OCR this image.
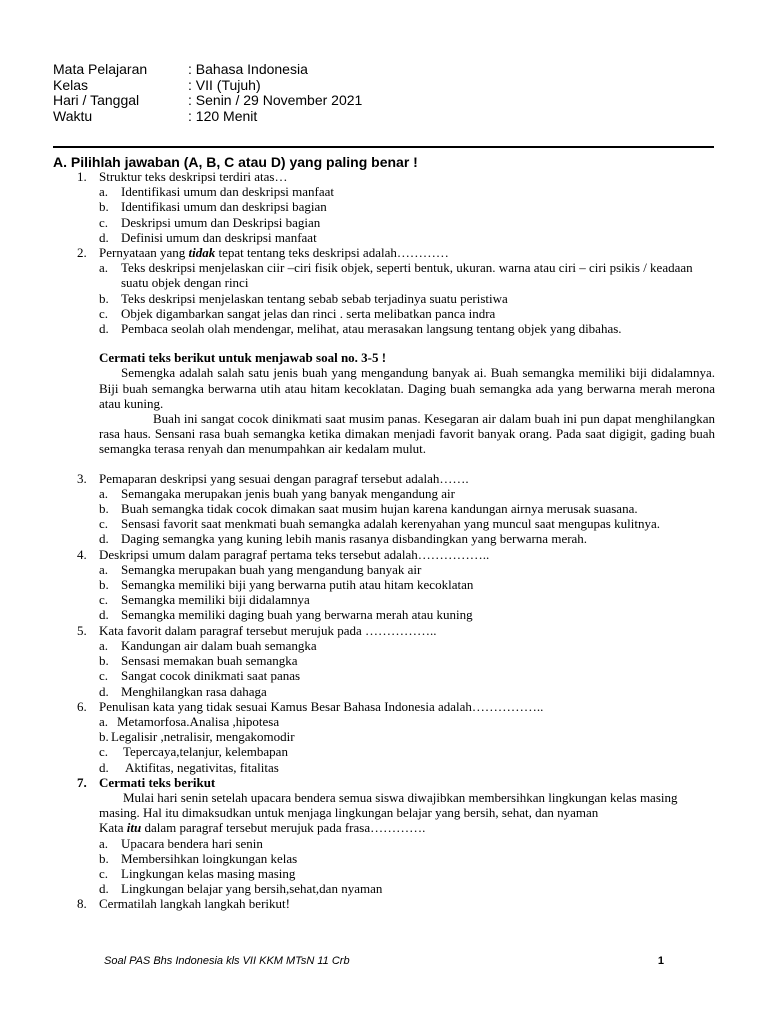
Mata Pelajaran	: Bahasa Indonesia
Kelas	: VII (Tujuh)
Hari / Tanggal	: Senin / 29 November 2021
Waktu	: 120 Menit
A. Pilihlah jawaban (A, B, C atau D) yang paling benar !
1. Struktur teks deskripsi terdiri atas…
a. Identifikasi umum dan deskripsi manfaat
b. Identifikasi umum dan deskripsi bagian
c. Deskripsi umum dan Deskripsi bagian
d. Definisi umum dan deskripsi manfaat
2. Pernyataan yang tidak tepat tentang teks deskripsi adalah…………
a. Teks deskripsi menjelaskan ciir –ciri fisik objek, seperti bentuk, ukuran. warna atau ciri – ciri psikis / keadaan suatu objek dengan rinci
b. Teks deskripsi menjelaskan tentang sebab sebab terjadinya suatu peristiwa
c. Objek digambarkan sangat jelas dan rinci . serta melibatkan panca indra
d. Pembaca seolah olah mendengar, melihat, atau merasakan langsung tentang objek yang dibahas.
Cermati teks berikut untuk menjawab soal no. 3-5 !
Semengka adalah salah satu jenis buah yang mengandung banyak ai. Buah semangka memiliki biji didalamnya. Biji buah semangka berwarna utih atau hitam kecoklatan. Daging buah semangka ada yang berwarna merah merona atau kuning.
Buah ini sangat cocok dinikmati saat musim panas. Kesegaran air dalam buah ini pun dapat menghilangkan rasa haus. Sensani rasa buah semangka ketika dimakan menjadi favorit banyak orang. Pada saat digigit, gading buah semangka terasa renyah dan menumpahkan air kedalam mulut.
3. Pemaparan deskripsi yang sesuai dengan paragraf tersebut adalah…….
a. Semangaka merupakan jenis buah yang banyak mengandung air
b. Buah semangka tidak cocok dimakan saat musim hujan karena kandungan airnya merusak suasana.
c. Sensasi favorit saat menkmati buah semangka adalah kerenyahan yang muncul saat mengupas kulitnya.
d. Daging semangka yang kuning lebih manis rasanya disbandingkan yang berwarna merah.
4. Deskripsi umum dalam paragraf pertama teks tersebut adalah……………..
a. Semangka merupakan buah yang mengandung banyak air
b. Semangka memiliki biji yang berwarna putih atau hitam kecoklatan
c. Semangka memiliki biji didalamnya
d. Semangka memiliki daging buah yang berwarna merah atau kuning
5. Kata favorit dalam paragraf tersebut merujuk pada ……………..
a. Kandungan air dalam buah semangka
b. Sensasi memakan buah semangka
c. Sangat cocok dinikmati saat panas
d. Menghilangkan rasa dahaga
6. Penulisan kata yang tidak sesuai Kamus Besar Bahasa Indonesia adalah……………..
a. Metamorfosa.Analisa ,hipotesa
b. Legalisir ,netralisir, mengakomodir
c. Tepercaya,telanjur, kelembapan
d. Aktifitas, negativitas, fitalitas
7. Cermati teks berikut
Mulai hari senin setelah upacara bendera semua siswa diwajibkan membersihkan lingkungan kelas masing masing. Hal itu dimaksudkan untuk menjaga lingkungan belajar yang bersih, sehat, dan nyaman
Kata itu dalam paragraf tersebut merujuk pada frasa………….
a. Upacara bendera hari senin
b. Membersihkan loingkungan kelas
c. Lingkungan kelas masing masing
d. Lingkungan belajar yang bersih,sehat,dan nyaman
8. Cermatilah langkah langkah berikut!
Soal PAS Bhs Indonesia kls VII KKM MTsN 11 Crb	1
